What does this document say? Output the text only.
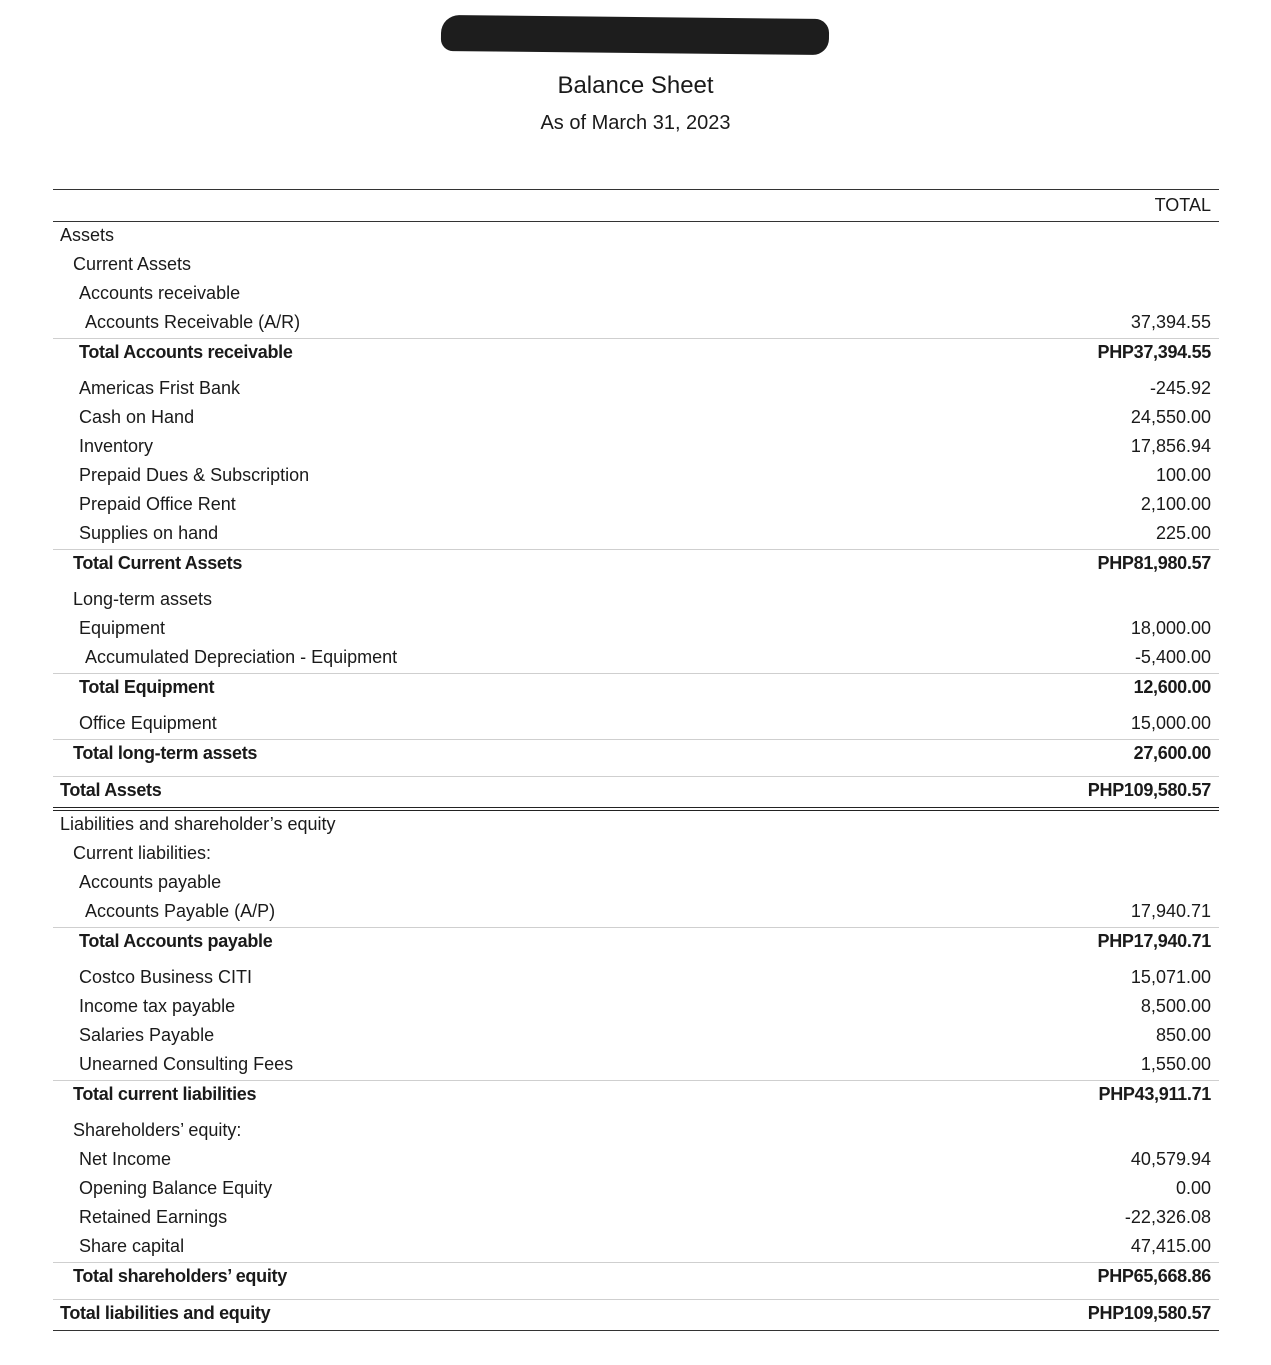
Balance Sheet
As of March 31, 2023
TOTAL
Assets
Current Assets
Accounts receivable
Accounts Receivable (A/R)	37,394.55
Total Accounts receivable	PHP37,394.55
Americas Frist Bank	-245.92
Cash on Hand	24,550.00
Inventory	17,856.94
Prepaid Dues & Subscription	100.00
Prepaid Office Rent	2,100.00
Supplies on hand	225.00
Total Current Assets	PHP81,980.57
Long-term assets
Equipment	18,000.00
Accumulated Depreciation - Equipment	-5,400.00
Total Equipment	12,600.00
Office Equipment	15,000.00
Total long-term assets	27,600.00
Total Assets	PHP109,580.57
Liabilities and shareholder’s equity
Current liabilities:
Accounts payable
Accounts Payable (A/P)	17,940.71
Total Accounts payable	PHP17,940.71
Costco Business CITI	15,071.00
Income tax payable	8,500.00
Salaries Payable	850.00
Unearned Consulting Fees	1,550.00
Total current liabilities	PHP43,911.71
Shareholders’ equity:
Net Income	40,579.94
Opening Balance Equity	0.00
Retained Earnings	-22,326.08
Share capital	47,415.00
Total shareholders’ equity	PHP65,668.86
Total liabilities and equity	PHP109,580.57
